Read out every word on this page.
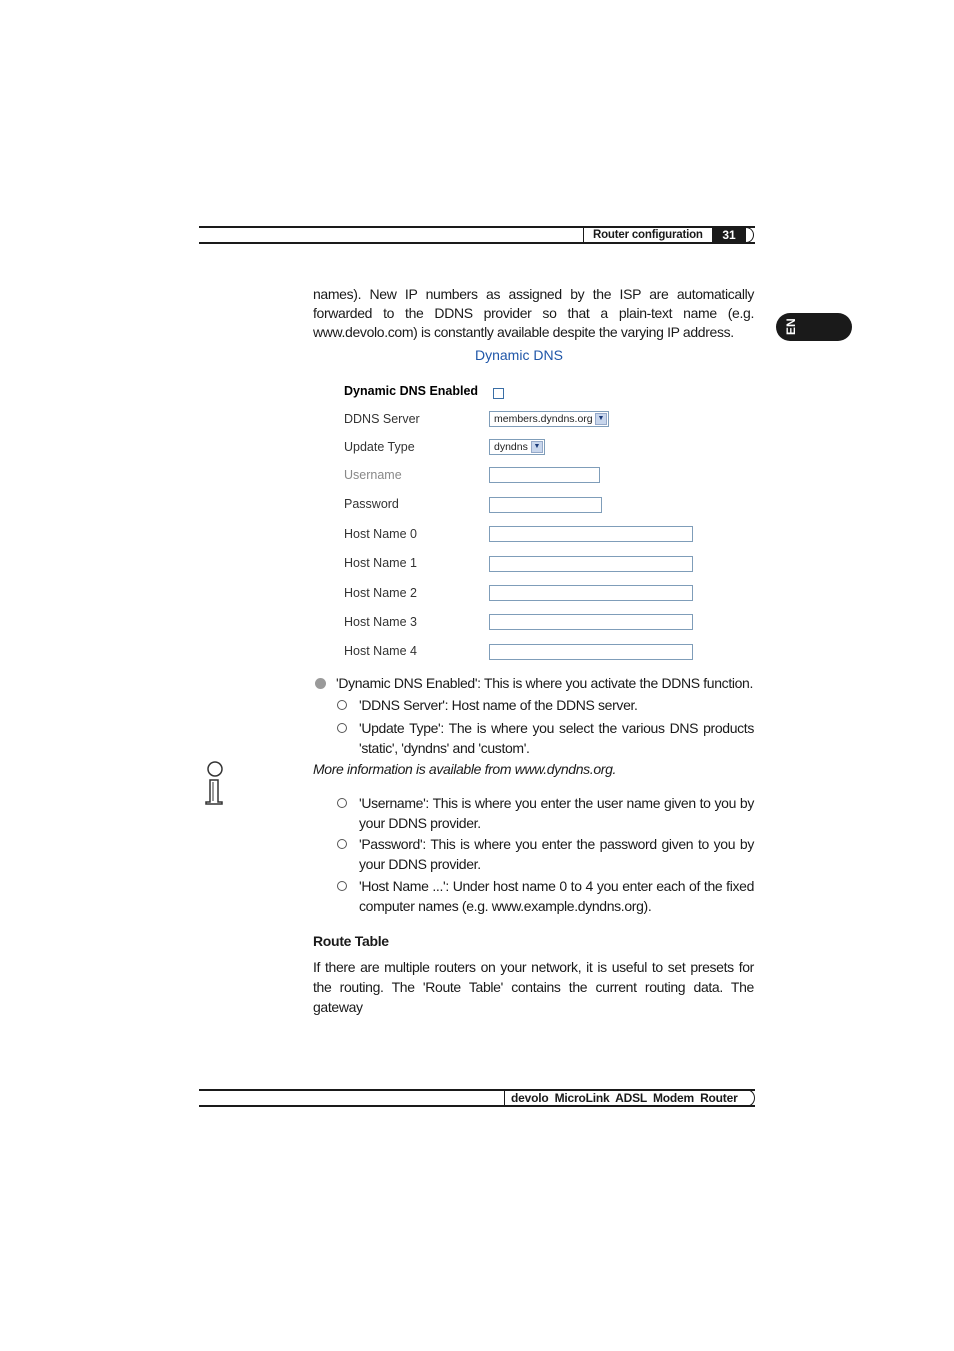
Router configuration	31
EN
names). New IP numbers as assigned by the ISP are automatically forwarded to the DDNS provider so that a plain-text name (e.g. www.devolo.com) is constantly available despite the varying IP address.
Dynamic DNS
Dynamic DNS Enabled
DDNS Server	members.dyndns.org ▼
Update Type	dyndns ▼
Username
Password
Host Name 0
Host Name 1
Host Name 2
Host Name 3
Host Name 4
'Dynamic DNS Enabled': This is where you activate the DDNS function.
'DDNS Server': Host name of the DDNS server.
'Update Type': The is where you select the various DNS products 'static', 'dyndns' and 'custom'.
More information is available from www.dyndns.org.
'Username': This is where you enter the user name given to you by your DDNS provider.
'Password': This is where you enter the password given to you by your DDNS provider.
'Host Name ...': Under host name 0 to 4 you enter each of the fixed computer names (e.g. www.example.dyndns.org).
Route Table
If there are multiple routers on your network, it is useful to set presets for the routing. The 'Route Table' contains the current routing data. The gateway
devolo MicroLink ADSL Modem Router
